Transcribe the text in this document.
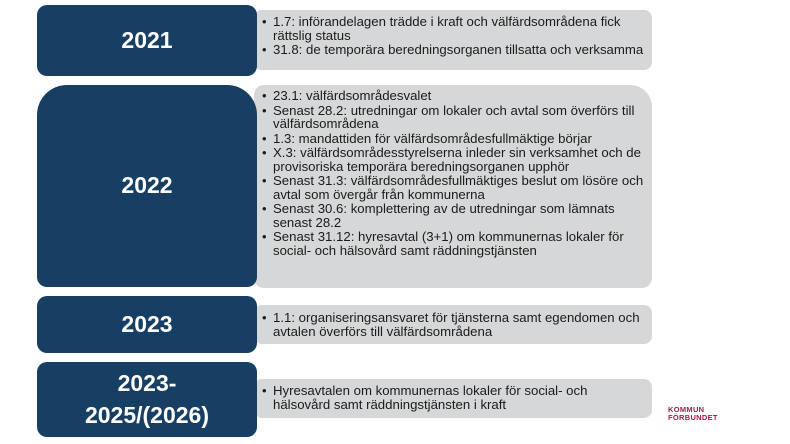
2021
• 1.7: införandelagen trädde i kraft och välfärdsområdena fick rättslig status
• 31.8: de temporära beredningsorganen tillsatta och verksamma
2022
• 23.1: välfärdsområdesvalet
• Senast 28.2: utredningar om lokaler och avtal som överförs till välfärdsområdena
• 1.3: mandattiden för välfärdsområdesfullmäktige börjar
• X.3: välfärdsområdesstyrelserna inleder sin verksamhet och de provisoriska temporära beredningsorganen upphör
• Senast 31.3: välfärdsområdesfullmäktiges beslut om lösöre och avtal som övergår från kommunerna
• Senast 30.6: komplettering av de utredningar som lämnats senast 28.2
• Senast 31.12: hyresavtal (3+1) om kommunernas lokaler för social- och hälsovård samt räddningstjänsten
2023
•	1.1: organiseringsansvaret för tjänsterna samt egendomen och avtalen överförs till välfärdsområdena
2023-
2025/(2026)
• Hyresavtalen om kommunernas lokaler för social- och hälsovård samt räddningstjänsten i kraft	KOMMUN
FÖRBUNDET
